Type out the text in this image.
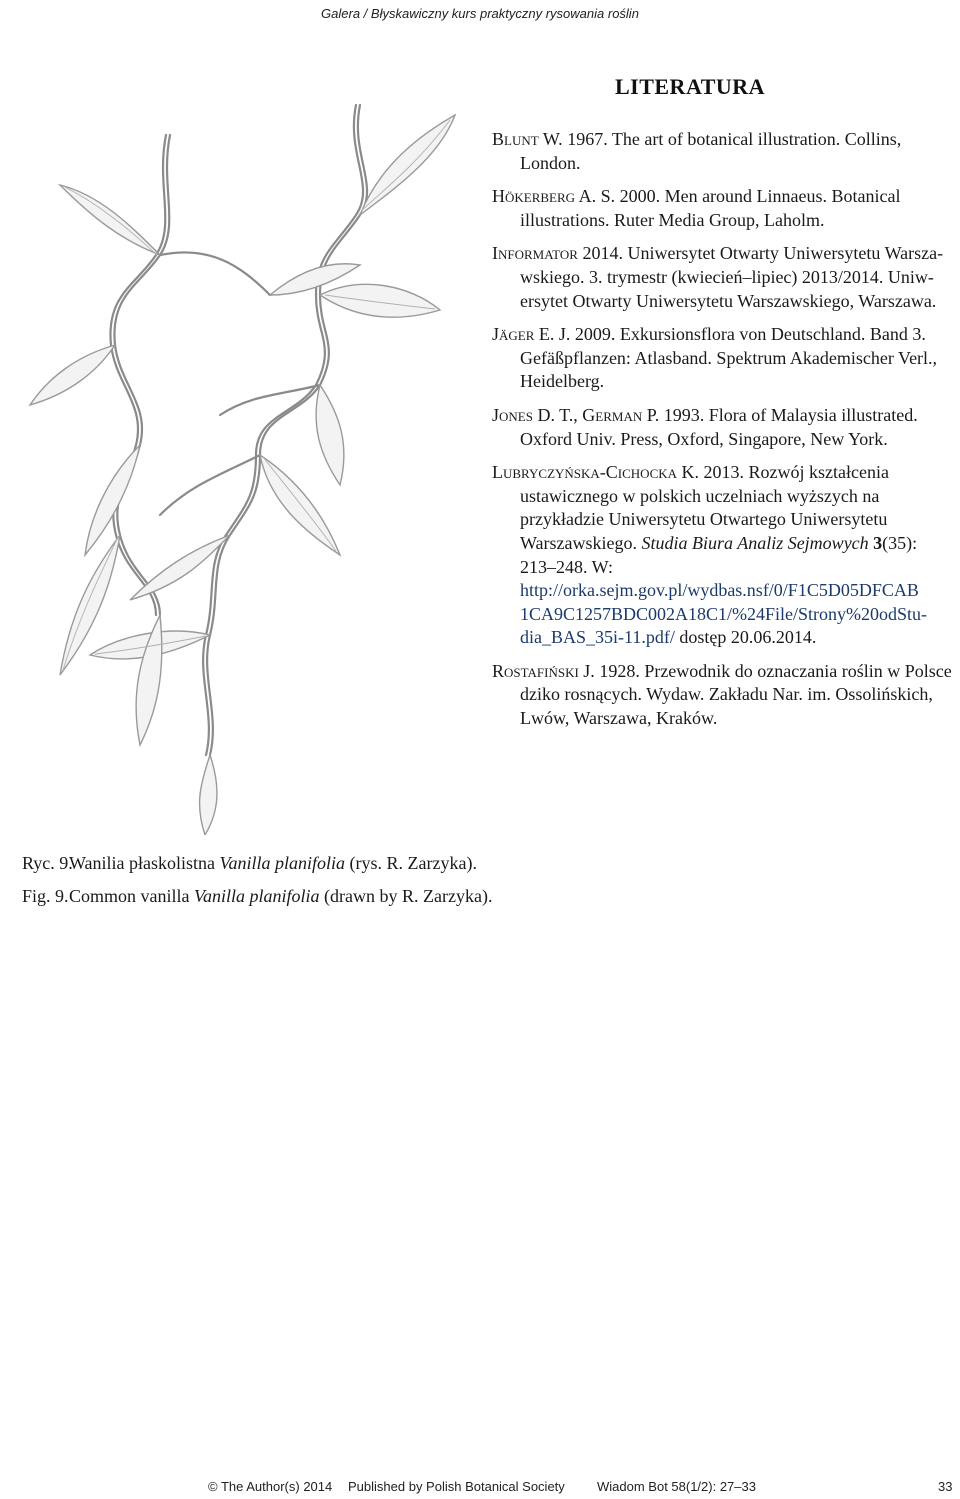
Galera / Błyskawiczny kurs praktyczny rysowania roślin
LITERATURA

Blunt W. 1967. The art of botanical illustration. Collins, London.

Hökerberg A. S. 2000. Men around Linnaeus. Botanical illustrations. Ruter Media Group, Laholm.

Informator 2014. Uniwersytet Otwarty Uniwersytetu Warsza-wskiego. 3. trymestr (kwiecień–lipiec) 2013/2014. Uniw-ersytet Otwarty Uniwersytetu Warszawskiego, Warszawa.

Jäger E. J. 2009. Exkursionsflora von Deutschland. Band 3. Gefäßpflanzen: Atlasband. Spektrum Akademischer Verl., Heidelberg.

Jones D. T., German P. 1993. Flora of Malaysia illustrated. Oxford Univ. Press, Oxford, Singapore, New York.

Lubryczyńska-Cichocka K. 2013. Rozwój kształcenia ustawicznego w polskich uczelniach wyższych na przykładzie Uniwersytetu Otwartego Uniwersytetu Warszawskiego. Studia Biura Analiz Sejmowych 3(35): 213–248. W: http://orka.sejm.gov.pl/wydbas.nsf/0/F1C5D05DFCAB 1CA9C1257BDC002A18C1/%24File/Strony%20odStu-dia_BAS_35i-11.pdf/ dostęp 20.06.2014.

Rostafiński J. 1928. Przewodnik do oznaczania roślin w Polsce dziko rosnących. Wydaw. Zakładu Nar. im. Ossolińskich, Lwów, Warszawa, Kraków.

Ryc. 9.Wanilia płaskolistna Vanilla planifolia (rys. R. Zarzyka).
Fig. 9.Common vanilla Vanilla planifolia (drawn by R. Zarzyka).
© The Author(s) 2014 Published by Polish Botanical Society Wiadom Bot 58(1/2): 27–33	33
